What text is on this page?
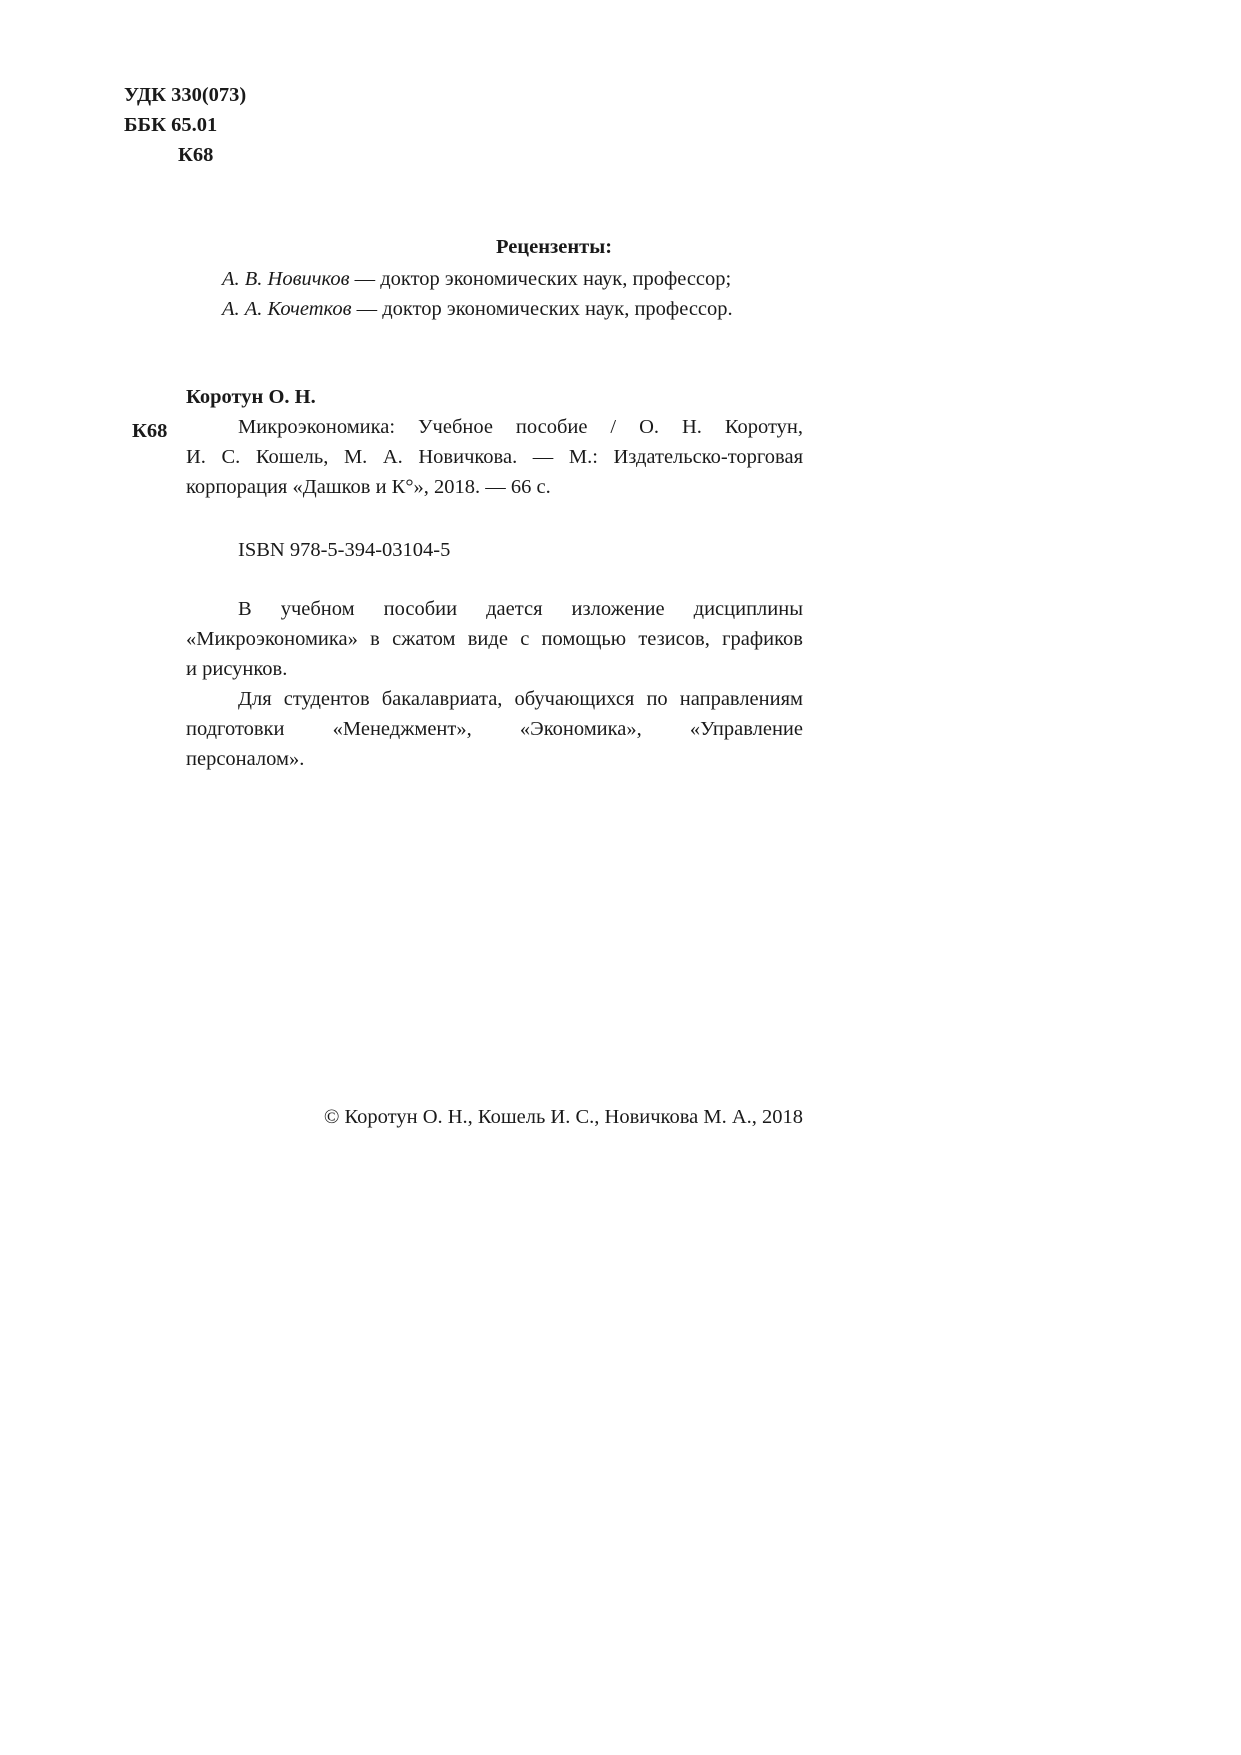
УДК 330(073)
ББК 65.01
К68
Рецензенты:
А. В. Новичков — доктор экономических наук, профессор;
А. А. Кочетков — доктор экономических наук, профессор.
Коротун О. Н.
К68	Микроэкономика: Учебное пособие / О. Н. Коротун,
И. С. Кошель, М. А. Новичкова. — М.: Издательско-торговая
корпорация «Дашков и К°», 2018. — 66 с.
ISBN 978-5-394-03104-5
В учебном пособии дается изложение дисциплины
«Микроэкономика» в сжатом виде с помощью тезисов, графиков
и рисунков.
Для студентов бакалавриата, обучающихся по направлениям
подготовки «Менеджмент», «Экономика», «Управление
персоналом».
© Коротун О. Н., Кошель И. С., Новичкова М. А., 2018
